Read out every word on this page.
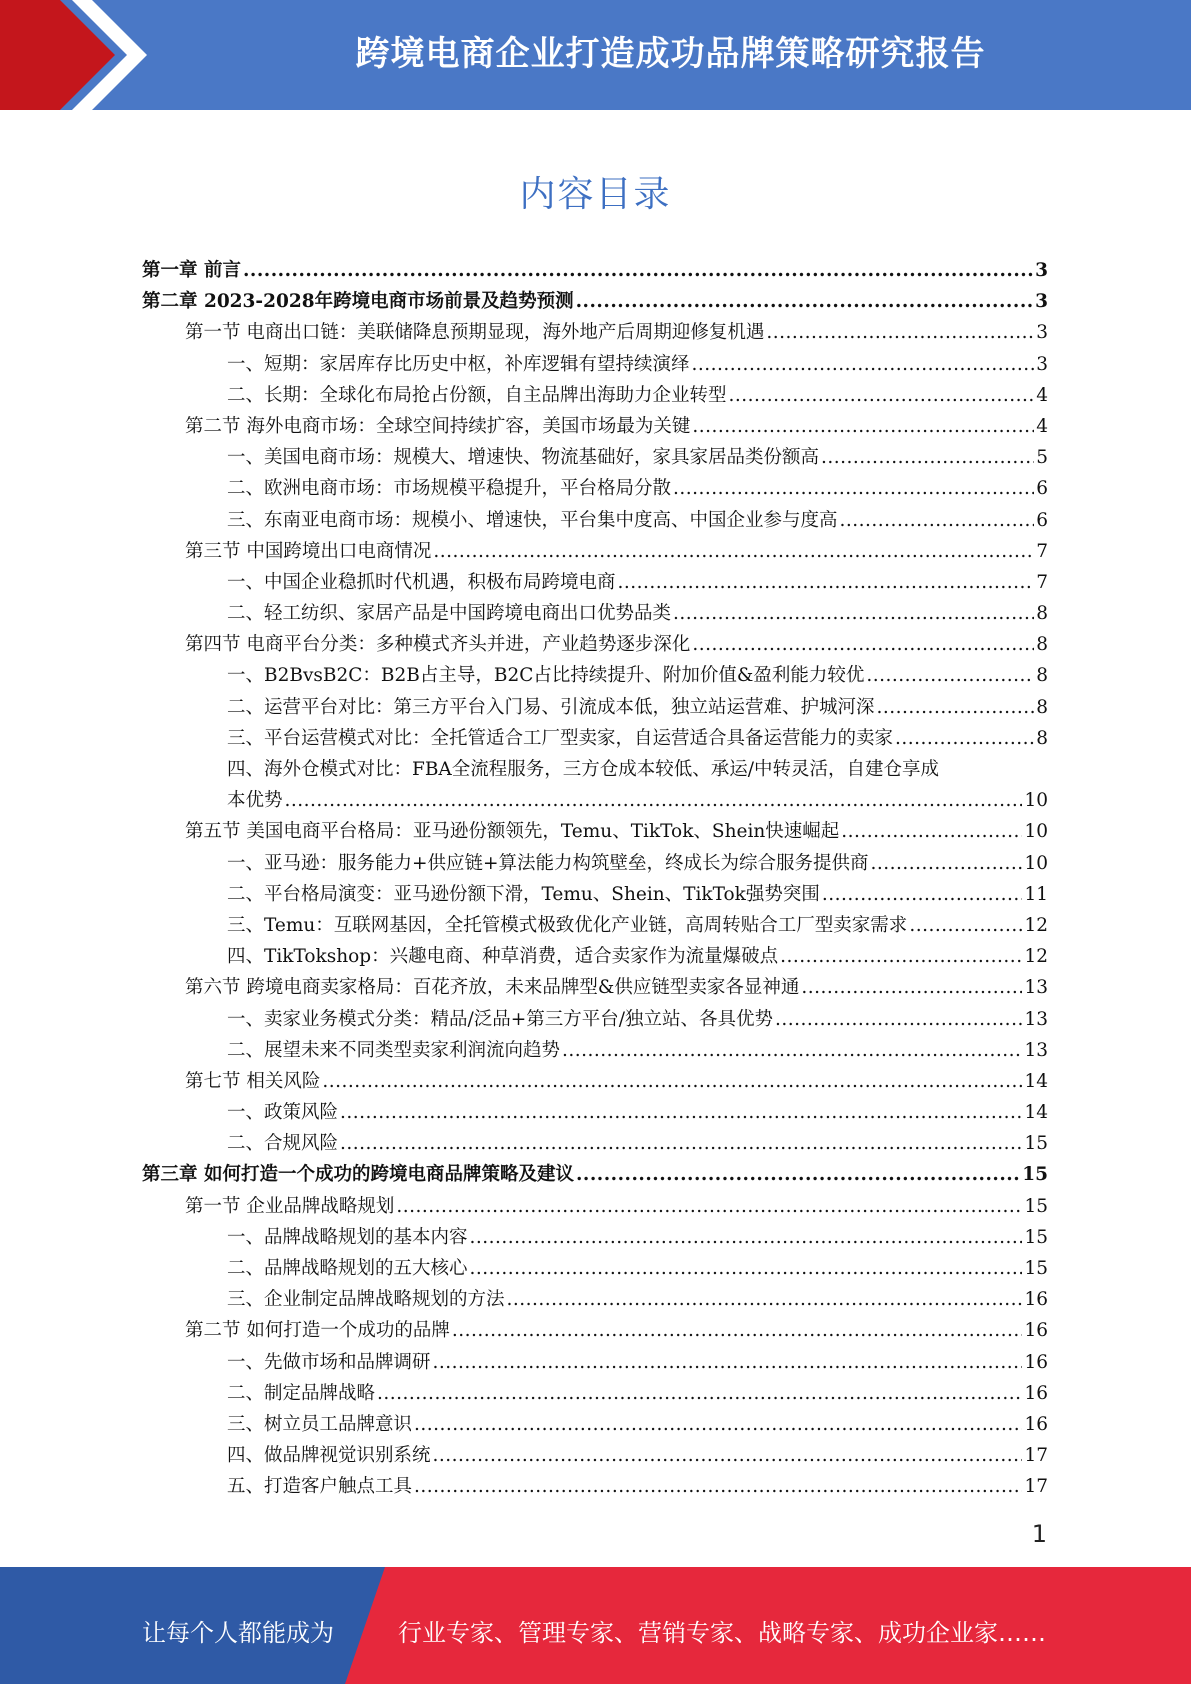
跨境电商企业打造成功品牌策略研究报告
内容目录
第一章 前言 .....	3
第二章 2023-2028年跨境电商市场前景及趋势预测 .....	3
第一节 电商出口链：美联储降息预期显现，海外地产后周期迎修复机遇 .....	3
一、短期：家居库存比历史中枢，补库逻辑有望持续演绎 .....	3
二、长期：全球化布局抢占份额，自主品牌出海助力企业转型 .....	4
第二节 海外电商市场：全球空间持续扩容，美国市场最为关键 .....	4
一、美国电商市场：规模大、增速快、物流基础好，家具家居品类份额高 .....	5
二、欧洲电商市场：市场规模平稳提升，平台格局分散 .....	6
三、东南亚电商市场：规模小、增速快，平台集中度高、中国企业参与度高 .....	6
第三节 中国跨境出口电商情况 .....	7
一、中国企业稳抓时代机遇，积极布局跨境电商 .....	7
二、轻工纺织、家居产品是中国跨境电商出口优势品类 .....	8
第四节 电商平台分类：多种模式齐头并进，产业趋势逐步深化 .....	8
一、B2BvsB2C：B2B占主导，B2C占比持续提升、附加价值&盈利能力较优 .....	8
二、运营平台对比：第三方平台入门易、引流成本低，独立站运营难、护城河深 .....	8
三、平台运营模式对比：全托管适合工厂型卖家，自运营适合具备运营能力的卖家 .....	8
四、海外仓模式对比：FBA全流程服务，三方仓成本较低、承运/中转灵活，自建仓享成
本优势 .....	10
第五节 美国电商平台格局：亚马逊份额领先，Temu、TikTok、Shein快速崛起 .....	10
一、亚马逊：服务能力+供应链+算法能力构筑壁垒，终成长为综合服务提供商 .....	10
二、平台格局演变：亚马逊份额下滑，Temu、Shein、TikTok强势突围 .....	11
三、Temu：互联网基因，全托管模式极致优化产业链，高周转贴合工厂型卖家需求 .....	12
四、TikTokshop：兴趣电商、种草消费，适合卖家作为流量爆破点 .....	12
第六节 跨境电商卖家格局：百花齐放，未来品牌型&供应链型卖家各显神通 .....	13
一、卖家业务模式分类：精品/泛品+第三方平台/独立站、各具优势 .....	13
二、展望未来不同类型卖家利润流向趋势 .....	13
第七节 相关风险 .....	14
一、政策风险 .....	14
二、合规风险 .....	15
第三章 如何打造一个成功的跨境电商品牌策略及建议 .....	15
第一节 企业品牌战略规划 .....	15
一、品牌战略规划的基本内容 .....	15
二、品牌战略规划的五大核心 .....	15
三、企业制定品牌战略规划的方法 .....	16
第二节 如何打造一个成功的品牌 .....	16
一、先做市场和品牌调研 .....	16
二、制定品牌战略 .....	16
三、树立员工品牌意识 .....	16
四、做品牌视觉识别系统 .....	17
五、打造客户触点工具 .....	17
1
让每个人都能成为	行业专家、管理专家、营销专家、战略专家、成功企业家……
